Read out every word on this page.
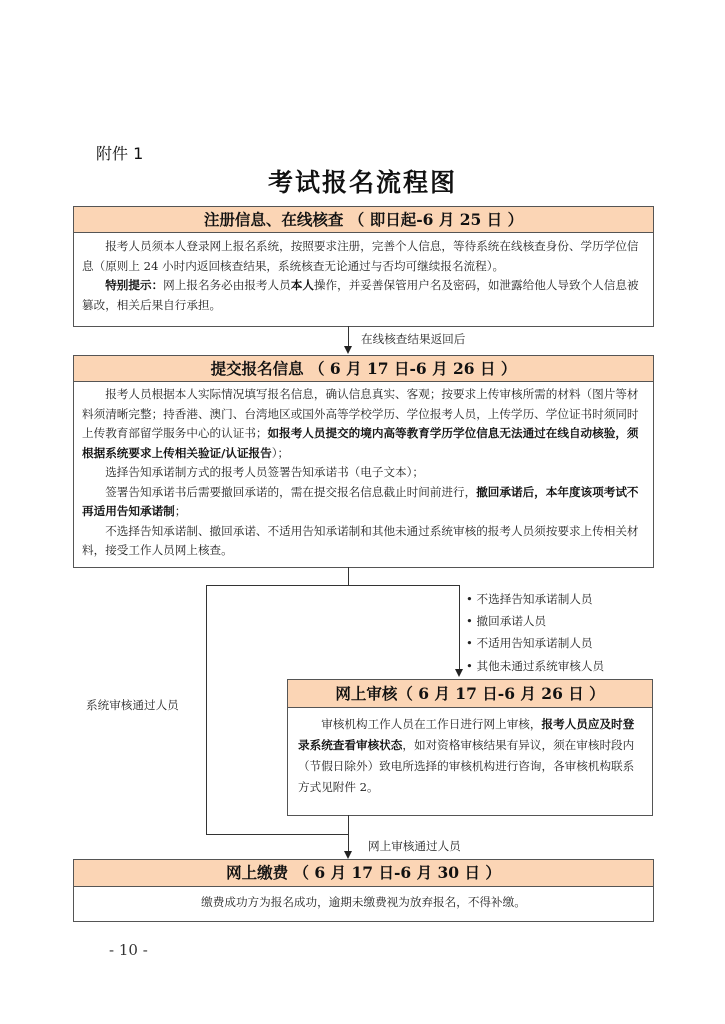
附件 1
考试报名流程图
注册信息、在线核查 （ 即日起-6 月 25 日 ）

报考人员须本人登录网上报名系统，按照要求注册，完善个人信息，等待系统在线核查身份、学历学位信息（原则上 24 小时内返回核查结果，系统核查无论通过与否均可继续报名流程）。

特别提示：网上报名务必由报考人员本人操作，并妥善保管用户名及密码，如泄露给他人导致个人信息被篡改，相关后果自行承担。

在线核查结果返回后
提交报名信息 （ 6 月 17 日-6 月 26 日 ）

报考人员根据本人实际情况填写报名信息，确认信息真实、客观；按要求上传审核所需的材料（图片等材料须清晰完整；持香港、澳门、台湾地区或国外高等学校学历、学位报考人员，上传学历、学位证书时须同时上传教育部留学服务中心的认证书；如报考人员提交的境内高等教育学历学位信息无法通过在线自动核验，须根据系统要求上传相关验证/认证报告）；

选择告知承诺制方式的报考人员签署告知承诺书（电子文本）；

签署告知承诺书后需要撤回承诺的，需在提交报名信息截止时间前进行，撤回承诺后，本年度该项考试不再适用告知承诺制；

不选择告知承诺制、撤回承诺、不适用告知承诺制和其他未通过系统审核的报考人员须按要求上传相关材料，接受工作人员网上核查。

• 不选择告知承诺制人员
• 撤回承诺人员
• 不适用告知承诺制人员
• 其他未通过系统审核人员
系统审核通过人员
网上审核（ 6 月 17 日-6 月 26 日 ）

审核机构工作人员在工作日进行网上审核，报考人员应及时登录系统查看审核状态，如对资格审核结果有异议，须在审核时段内（节假日除外）致电所选择的审核机构进行咨询，各审核机构联系方式见附件 2。

网上审核通过人员
网上缴费 （ 6 月 17 日-6 月 30 日 ）
缴费成功方为报名成功，逾期未缴费视为放弃报名，不得补缴。
- 10 -
